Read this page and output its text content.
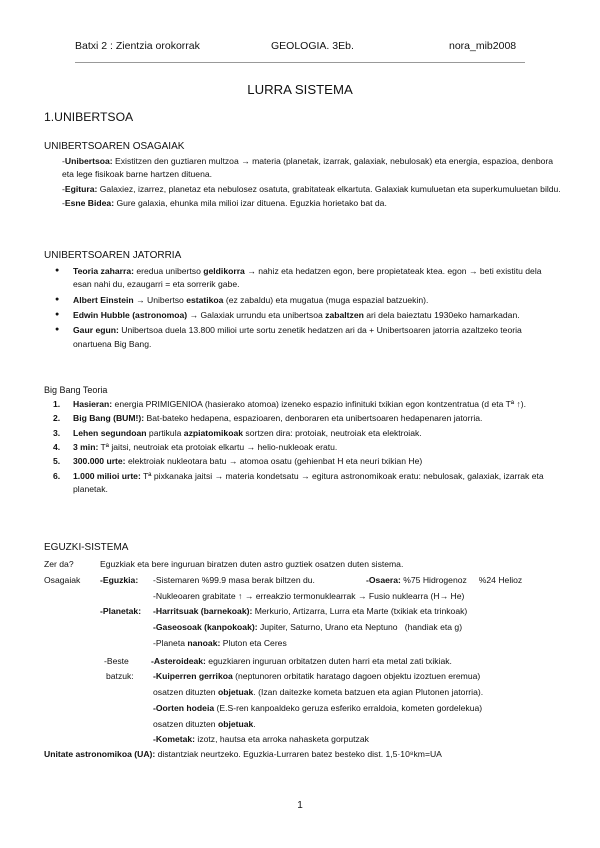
Batxi 2 : Zientzia orokorrak	GEOLOGIA. 3Eb.	nora_mib2008
LURRA SISTEMA
1.UNIBERTSOA
UNIBERTSOAREN OSAGAIAK
-Unibertsoa: Existitzen den guztiaren multzoa → materia (planetak, izarrak, galaxiak, nebulosak) eta energia, espazioa, denbora eta lege fisikoak barne hartzen dituena.
-Egitura: Galaxiez, izarrez, planetaz eta nebulosez osatuta, grabitateak elkartuta. Galaxiak kumuluetan eta superkumuluetan bildu.
-Esne Bidea: Gure galaxia, ehunka mila milioi izar dituena. Eguzkia horietako bat da.
UNIBERTSOAREN JATORRIA
● Teoria zaharra: eredua unibertso geldikorra → nahiz eta hedatzen egon, bere propietateak ktea. egon → beti existitu dela esan nahi du, ezaugarri = eta sorrerik gabe.
● Albert Einstein → Unibertso estatikoa (ez zabaldu) eta mugatua (muga espazial batzuekin).
● Edwin Hubble (astronomoa) → Galaxiak urrundu eta unibertsoa zabaltzen ari dela baieztatu 1930eko hamarkadan.
● Gaur egun: Unibertsoa duela 13.800 milioi urte sortu zenetik hedatzen ari da + Unibertsoaren jatorria azaltzeko teoria onartuena Big Bang.
Big Bang Teoria
1. Hasieran: energia PRIMIGENIOA (hasierako atomoa) izeneko espazio infinituki txikian egon kontzentratua (d eta Tª ↑).
2. Big Bang (BUM!): Bat-bateko hedapena, espazioaren, denboraren eta unibertsoaren hedapenaren jatorria.
3. Lehen segundoan partikula azpiatomikoak sortzen dira: protoiak, neutroiak eta elektroiak.
4. 3 min: Tª jaitsi, neutroiak eta protoiak elkartu → helio-nukleoak eratu.
5. 300.000 urte: elektroiak nukleotara batu → atomoa osatu (gehienbat H eta neuri txikian He)
6. 1.000 milioi urte: Tª pixkanaka jaitsi → materia kondetsatu → egitura astronomikoak eratu: nebulosak, galaxiak, izarrak eta planetak.
EGUZKI-SISTEMA
Zer da?	Eguzkiak eta bere inguruan biratzen duten astro guztiek osatzen duten sistema.
Osagaiak -Eguzkia: -Sistemaren %99.9 masa berak biltzen du.	-Osaera: %75 Hidrogenoz     %24 Helioz
-Nukleoaren grabitate ↑ → erreakzio termonuklearrak → Fusio nuklearra (H→ He)
-Planetak: -Harritsuak (barnekoak): Merkurio, Artizarra, Lurra eta Marte (txikiak eta trinkoak)
-Gaseosoak (kanpokoak): Jupiter, Saturno, Urano eta Neptuno   (handiak eta g)
-Planeta nanoak: Pluton eta Ceres
-Beste
batzuk:
-Asteroideak: eguzkiaren inguruan orbitatzen duten harri eta metal zati txikiak.
-Kuiperren gerrikoa (neptunoren orbitatik haratago dagoen objektu izoztuen eremua)
osatzen dituzten objetuak. (Izan daitezke kometa batzuen eta agian Plutonen jatorria).
-Oorten hodeia (E.S-ren kanpoaldeko geruza esferiko erraldoia, kometen gordelekua)
osatzen dituzten objetuak.
-Kometak: izotz, hautsa eta arroka nahasketa gorputzak
Unitate astronomikoa (UA): distantziak neurtzeko. Eguzkia-Lurraren batez besteko dist. 1,5·10⁸km=UA
1
